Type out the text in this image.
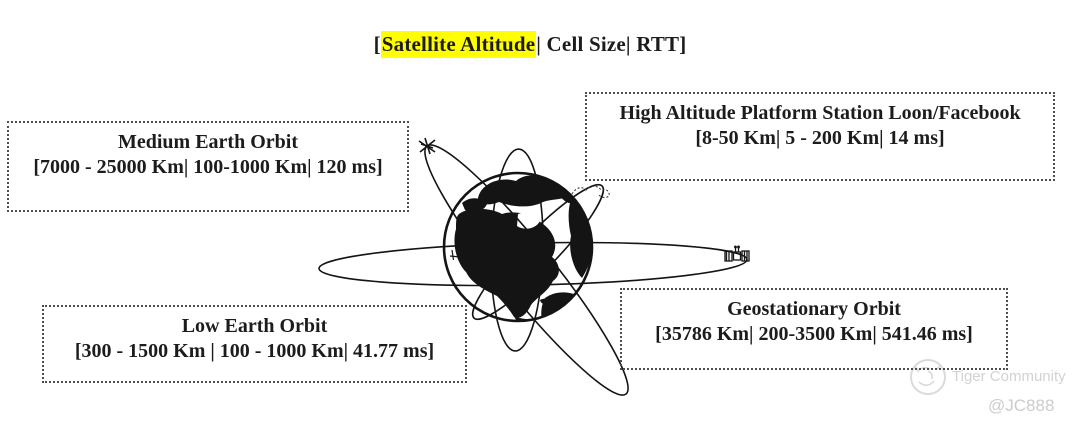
[Satellite Altitude| Cell Size| RTT]
Medium Earth Orbit
[7000 - 25000 Km| 100-1000 Km| 120 ms]
High Altitude Platform Station Loon/Facebook
[8-50 Km| 5 - 200 Km| 14 ms]
Low Earth Orbit
[300 - 1500 Km | 100 - 1000 Km| 41.77 ms]
Geostationary Orbit
[35786 Km| 200-3500 Km| 541.46 ms]
Tiger Community
@JC888
